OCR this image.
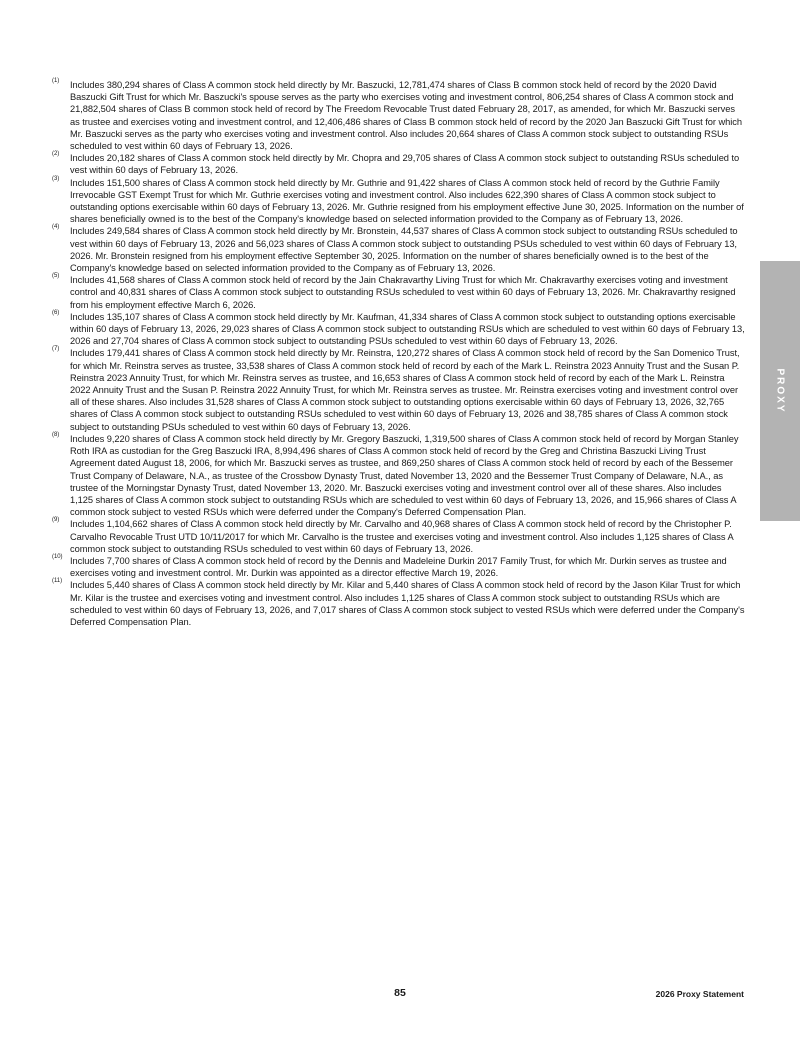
(1) Includes 380,294 shares of Class A common stock held directly by Mr. Baszucki, 12,781,474 shares of Class B common stock held of record by the 2020 David Baszucki Gift Trust for which Mr. Baszucki's spouse serves as the party who exercises voting and investment control, 806,254 shares of Class A common stock and 21,882,504 shares of Class B common stock held of record by The Freedom Revocable Trust dated February 28, 2017, as amended, for which Mr. Baszucki serves as trustee and exercises voting and investment control, and 12,406,486 shares of Class B common stock held of record by the 2020 Jan Baszucki Gift Trust for which Mr. Baszucki serves as the party who exercises voting and investment control. Also includes 20,664 shares of Class A common stock subject to outstanding RSUs scheduled to vest within 60 days of February 13, 2026.
(2) Includes 20,182 shares of Class A common stock held directly by Mr. Chopra and 29,705 shares of Class A common stock subject to outstanding RSUs scheduled to vest within 60 days of February 13, 2026.
(3) Includes 151,500 shares of Class A common stock held directly by Mr. Guthrie and 91,422 shares of Class A common stock held of record by the Guthrie Family Irrevocable GST Exempt Trust for which Mr. Guthrie exercises voting and investment control. Also includes 622,390 shares of Class A common stock subject to outstanding options exercisable within 60 days of February 13, 2026. Mr. Guthrie resigned from his employment effective June 30, 2025. Information on the number of shares beneficially owned is to the best of the Company's knowledge based on selected information provided to the Company as of February 13, 2026.
(4) Includes 249,584 shares of Class A common stock held directly by Mr. Bronstein, 44,537 shares of Class A common stock subject to outstanding RSUs scheduled to vest within 60 days of February 13, 2026 and 56,023 shares of Class A common stock subject to outstanding PSUs scheduled to vest within 60 days of February 13, 2026. Mr. Bronstein resigned from his employment effective September 30, 2025. Information on the number of shares beneficially owned is to the best of the Company's knowledge based on selected information provided to the Company as of February 13, 2026.
(5) Includes 41,568 shares of Class A common stock held of record by the Jain Chakravarthy Living Trust for which Mr. Chakravarthy exercises voting and investment control and 40,831 shares of Class A common stock subject to outstanding RSUs scheduled to vest within 60 days of February 13, 2026. Mr. Chakravarthy resigned from his employment effective March 6, 2026.
(6) Includes 135,107 shares of Class A common stock held directly by Mr. Kaufman, 41,334 shares of Class A common stock subject to outstanding options exercisable within 60 days of February 13, 2026, 29,023 shares of Class A common stock subject to outstanding RSUs which are scheduled to vest within 60 days of February 13, 2026 and 27,704 shares of Class A common stock subject to outstanding PSUs scheduled to vest within 60 days of February 13, 2026.
(7) Includes 179,441 shares of Class A common stock held directly by Mr. Reinstra, 120,272 shares of Class A common stock held of record by the San Domenico Trust, for which Mr. Reinstra serves as trustee, 33,538 shares of Class A common stock held of record by each of the Mark L. Reinstra 2023 Annuity Trust and the Susan P. Reinstra 2023 Annuity Trust, for which Mr. Reinstra serves as trustee, and 16,653 shares of Class A common stock held of record by each of the Mark L. Reinstra 2022 Annuity Trust and the Susan P. Reinstra 2022 Annuity Trust, for which Mr. Reinstra serves as trustee. Mr. Reinstra exercises voting and investment control over all of these shares. Also includes 31,528 shares of Class A common stock subject to outstanding options exercisable within 60 days of February 13, 2026, 32,765 shares of Class A common stock subject to outstanding RSUs scheduled to vest within 60 days of February 13, 2026 and 38,785 shares of Class A common stock subject to outstanding PSUs scheduled to vest within 60 days of February 13, 2026.
(8) Includes 9,220 shares of Class A common stock held directly by Mr. Gregory Baszucki, 1,319,500 shares of Class A common stock held of record by Morgan Stanley Roth IRA as custodian for the Greg Baszucki IRA, 8,994,496 shares of Class A common stock held of record by the Greg and Christina Baszucki Living Trust Agreement dated August 18, 2006, for which Mr. Baszucki serves as trustee, and 869,250 shares of Class A common stock held of record by each of the Bessemer Trust Company of Delaware, N.A., as trustee of the Crossbow Dynasty Trust, dated November 13, 2020 and the Bessemer Trust Company of Delaware, N.A., as trustee of the Morningstar Dynasty Trust, dated November 13, 2020. Mr. Baszucki exercises voting and investment control over all of these shares. Also includes 1,125 shares of Class A common stock subject to outstanding RSUs which are scheduled to vest within 60 days of February 13, 2026, and 15,966 shares of Class A common stock subject to vested RSUs which were deferred under the Company's Deferred Compensation Plan.
(9) Includes 1,104,662 shares of Class A common stock held directly by Mr. Carvalho and 40,968 shares of Class A common stock held of record by the Christopher P. Carvalho Revocable Trust UTD 10/11/2017 for which Mr. Carvalho is the trustee and exercises voting and investment control. Also includes 1,125 shares of Class A common stock subject to outstanding RSUs scheduled to vest within 60 days of February 13, 2026.
(10) Includes 7,700 shares of Class A common stock held of record by the Dennis and Madeleine Durkin 2017 Family Trust, for which Mr. Durkin serves as trustee and exercises voting and investment control. Mr. Durkin was appointed as a director effective March 19, 2026.
(11) Includes 5,440 shares of Class A common stock held directly by Mr. Kilar and 5,440 shares of Class A common stock held of record by the Jason Kilar Trust for which Mr. Kilar is the trustee and exercises voting and investment control. Also includes 1,125 shares of Class A common stock subject to outstanding RSUs which are scheduled to vest within 60 days of February 13, 2026, and 7,017 shares of Class A common stock subject to vested RSUs which were deferred under the Company's Deferred Compensation Plan.
PROXY
85	2026 Proxy Statement
